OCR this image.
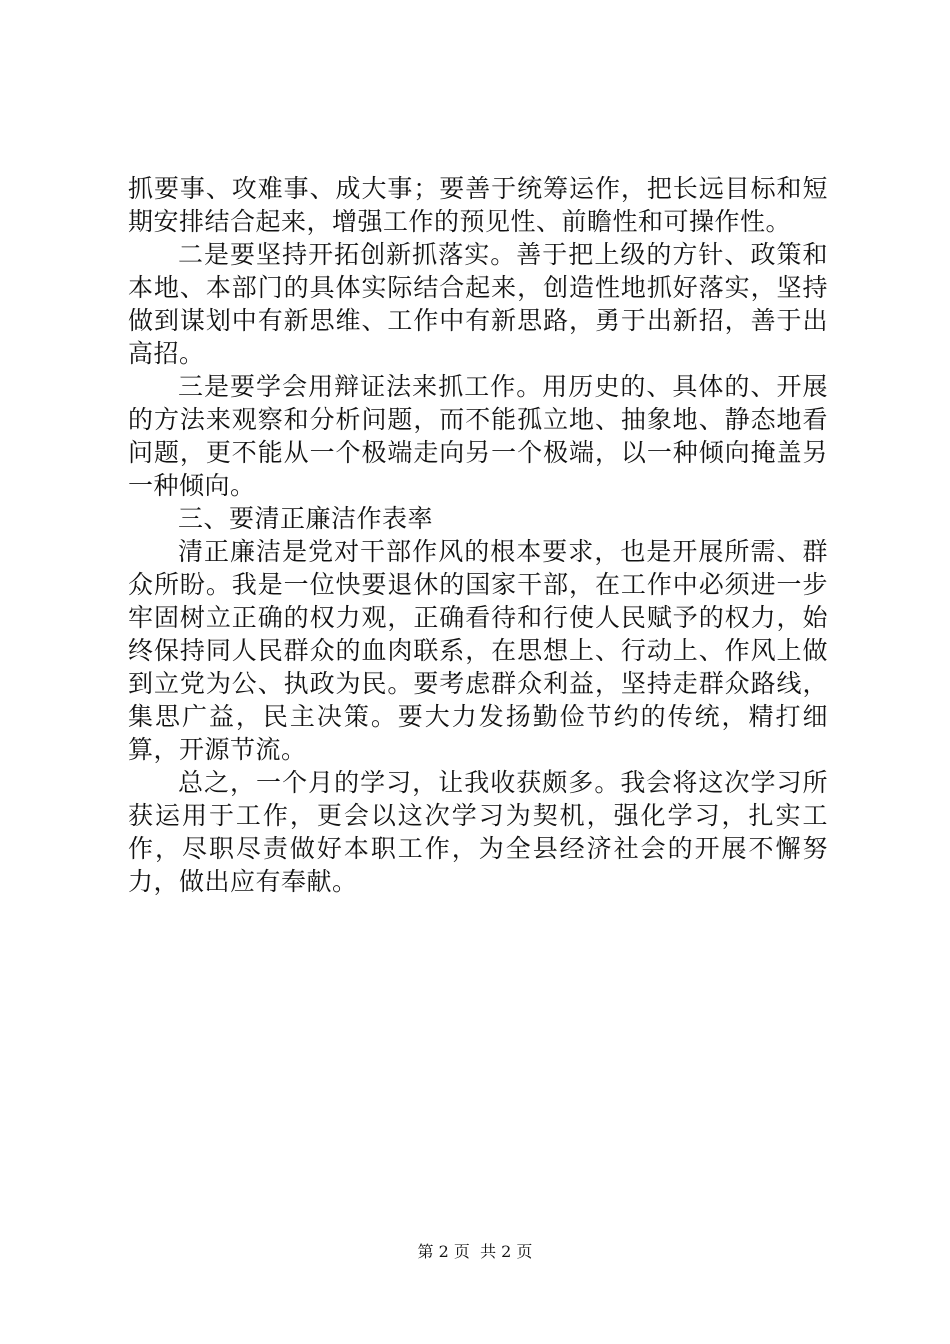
抓要事、攻难事、成大事；要善于统筹运作，把长远目标和短期安排结合起来，增强工作的预见性、前瞻性和可操作性。

二是要坚持开拓创新抓落实。善于把上级的方针、政策和本地、本部门的具体实际结合起来，创造性地抓好落实，坚持做到谋划中有新思维、工作中有新思路，勇于出新招，善于出高招。

三是要学会用辩证法来抓工作。用历史的、具体的、开展的方法来观察和分析问题，而不能孤立地、抽象地、静态地看问题，更不能从一个极端走向另一个极端，以一种倾向掩盖另一种倾向。

三、要清正廉洁作表率

清正廉洁是党对干部作风的根本要求，也是开展所需、群众所盼。我是一位快要退休的国家干部，在工作中必须进一步牢固树立正确的权力观，正确看待和行使人民赋予的权力，始终保持同人民群众的血肉联系，在思想上、行动上、作风上做到立党为公、执政为民。要考虑群众利益，坚持走群众路线，集思广益，民主决策。要大力发扬勤俭节约的传统，精打细算，开源节流。

总之，一个月的学习，让我收获颇多。我会将这次学习所获运用于工作，更会以这次学习为契机，强化学习，扎实工作，尽职尽责做好本职工作，为全县经济社会的开展不懈努力，做出应有奉献。

第 2 页  共 2 页
